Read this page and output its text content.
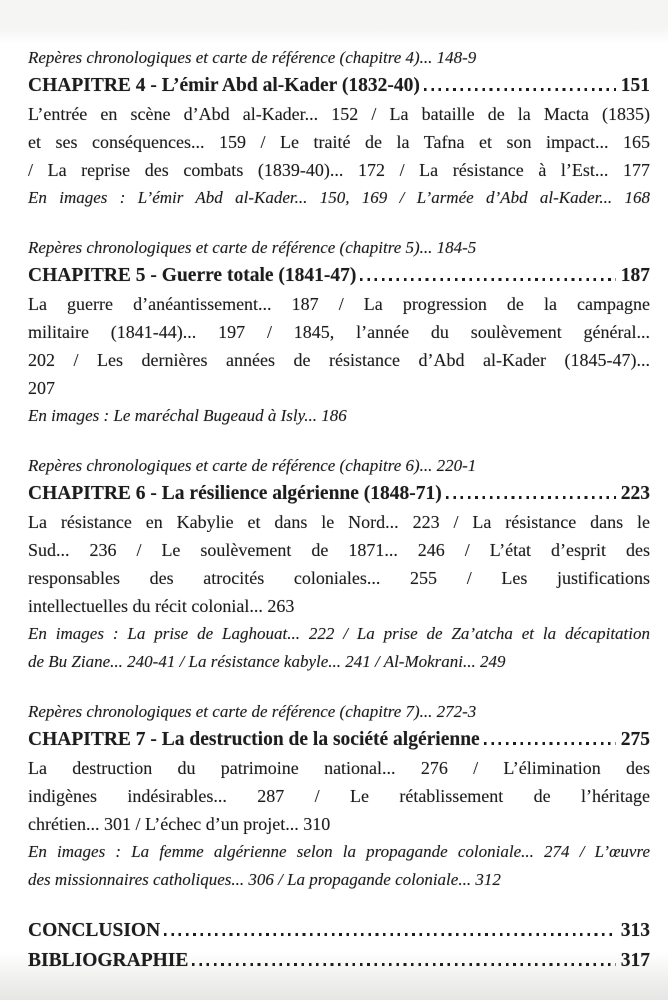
Repères chronologiques et carte de référence (chapitre 4)... 148-9
CHAPITRE 4 - L’émir Abd al-Kader (1832-40)	151
L’entrée en scène d’Abd al-Kader... 152 / La bataille de la Macta (1835)
et ses conséquences... 159 / Le traité de la Tafna et son impact... 165
/ La reprise des combats (1839-40)... 172 / La résistance à l’Est... 177
En images : L’émir Abd al-Kader... 150, 169 / L’armée d’Abd al-Kader... 168
Repères chronologiques et carte de référence (chapitre 5)... 184-5
CHAPITRE 5 - Guerre totale (1841-47)	187
La guerre d’anéantissement... 187 / La progression de la campagne
militaire (1841-44)... 197 / 1845, l’année du soulèvement général...
202 / Les dernières années de résistance d’Abd al-Kader (1845-47)...
207
En images : Le maréchal Bugeaud à Isly... 186
Repères chronologiques et carte de référence (chapitre 6)... 220-1
CHAPITRE 6 - La résilience algérienne (1848-71)	223
La résistance en Kabylie et dans le Nord... 223 / La résistance dans le
Sud... 236 / Le soulèvement de 1871... 246 / L’état d’esprit des
responsables des atrocités coloniales... 255 / Les justifications
intellectuelles du récit colonial... 263
En images : La prise de Laghouat... 222 / La prise de Za’atcha et la décapitation
de Bu Ziane... 240-41 / La résistance kabyle... 241 / Al-Mokrani... 249
Repères chronologiques et carte de référence (chapitre 7)... 272-3
CHAPITRE 7 - La destruction de la société algérienne	275
La destruction du patrimoine national... 276 / L’élimination des
indigènes indésirables... 287 / Le rétablissement de l’héritage
chrétien... 301 / L’échec d’un projet... 310
En images : La femme algérienne selon la propagande coloniale... 274 / L’œuvre
des missionnaires catholiques... 306 / La propagande coloniale... 312
CONCLUSION	313
BIBLIOGRAPHIE	317
